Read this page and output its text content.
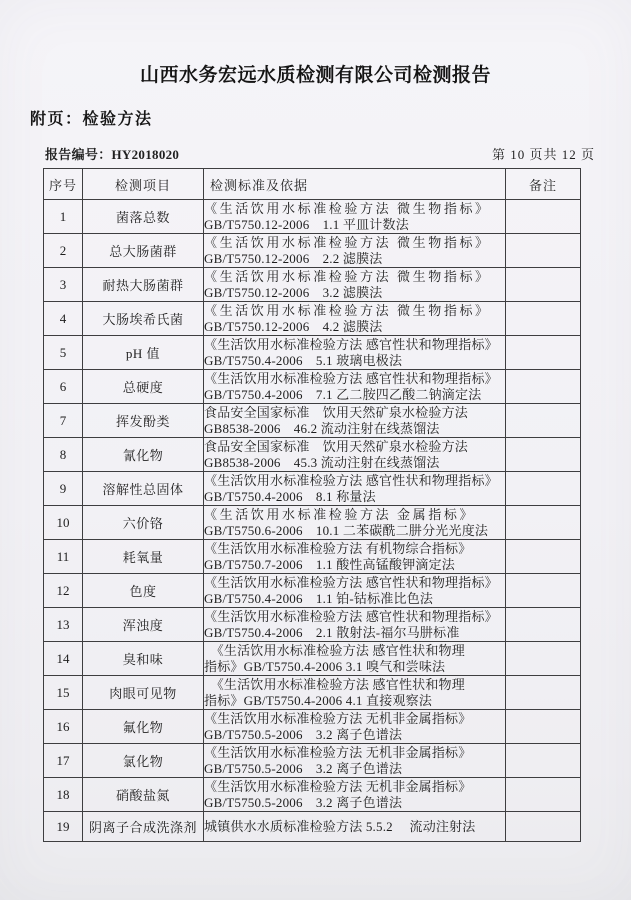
山西水务宏远水质检测有限公司检测报告
附页：检验方法
报告编号：HY2018020	第 10 页共 12 页
序号	检测项目	检测标准及依据	备注
1	菌落总数	《生活饮用水标准检验方法 微生物指标》
GB/T5750.12-2006　1.1 平皿计数法	

2	总大肠菌群	《生活饮用水标准检验方法 微生物指标》
GB/T5750.12-2006　2.2 滤膜法	

3	耐热大肠菌群	《生活饮用水标准检验方法 微生物指标》
GB/T5750.12-2006　3.2 滤膜法	

4	大肠埃希氏菌	《生活饮用水标准检验方法 微生物指标》
GB/T5750.12-2006　4.2 滤膜法	

5	pH 值	《生活饮用水标准检验方法 感官性状和物理指标》
GB/T5750.4-2006　5.1 玻璃电极法	

6	总硬度	《生活饮用水标准检验方法 感官性状和物理指标》
GB/T5750.4-2006　7.1 乙二胺四乙酸二钠滴定法	

7	挥发酚类	食品安全国家标准　饮用天然矿泉水检验方法
GB8538-2006　46.2 流动注射在线蒸馏法	

8	氰化物	食品安全国家标准　饮用天然矿泉水检验方法
GB8538-2006　45.3 流动注射在线蒸馏法	

9	溶解性总固体	《生活饮用水标准检验方法 感官性状和物理指标》
GB/T5750.4-2006　8.1 称量法	

10	六价铬	《生活饮用水标准检验方法 金属指标》
GB/T5750.6-2006　10.1 二苯碳酰二肼分光光度法	

11	耗氧量	《生活饮用水标准检验方法 有机物综合指标》
GB/T5750.7-2006　1.1 酸性高锰酸钾滴定法	

12	色度	《生活饮用水标准检验方法 感官性状和物理指标》
GB/T5750.4-2006　1.1 铂-钴标准比色法	

13	浑浊度	《生活饮用水标准检验方法 感官性状和物理指标》
GB/T5750.4-2006　2.1 散射法-福尔马肼标准	

14	臭和味	　《生活饮用水标准检验方法 感官性状和物理
指标》GB/T5750.4-2006 3.1 嗅气和尝味法	

15	肉眼可见物	　《生活饮用水标准检验方法 感官性状和物理
指标》GB/T5750.4-2006 4.1 直接观察法	

16	氟化物	《生活饮用水标准检验方法 无机非金属指标》
GB/T5750.5-2006　3.2 离子色谱法	

17	氯化物	《生活饮用水标准检验方法 无机非金属指标》
GB/T5750.5-2006　3.2 离子色谱法	

18	硝酸盐氮	《生活饮用水标准检验方法 无机非金属指标》
GB/T5750.5-2006　3.2 离子色谱法	

19	阴离子合成洗涤剂	城镇供水水质标准检验方法 5.5.2　 流动注射法	
